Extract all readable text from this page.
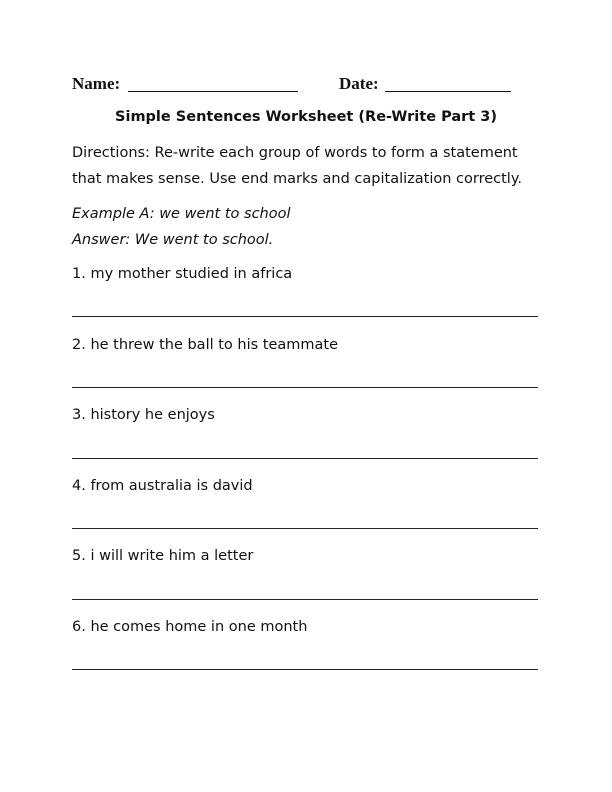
Name:	Date:
Simple Sentences Worksheet (Re-Write Part 3)
Directions: Re-write each group of words to form a statement
that makes sense. Use end marks and capitalization correctly.
Example A: we went to school
Answer: We went to school.
1. my mother studied in africa
2. he threw the ball to his teammate
3. history he enjoys
4. from australia is david
5. i will write him a letter
6. he comes home in one month
